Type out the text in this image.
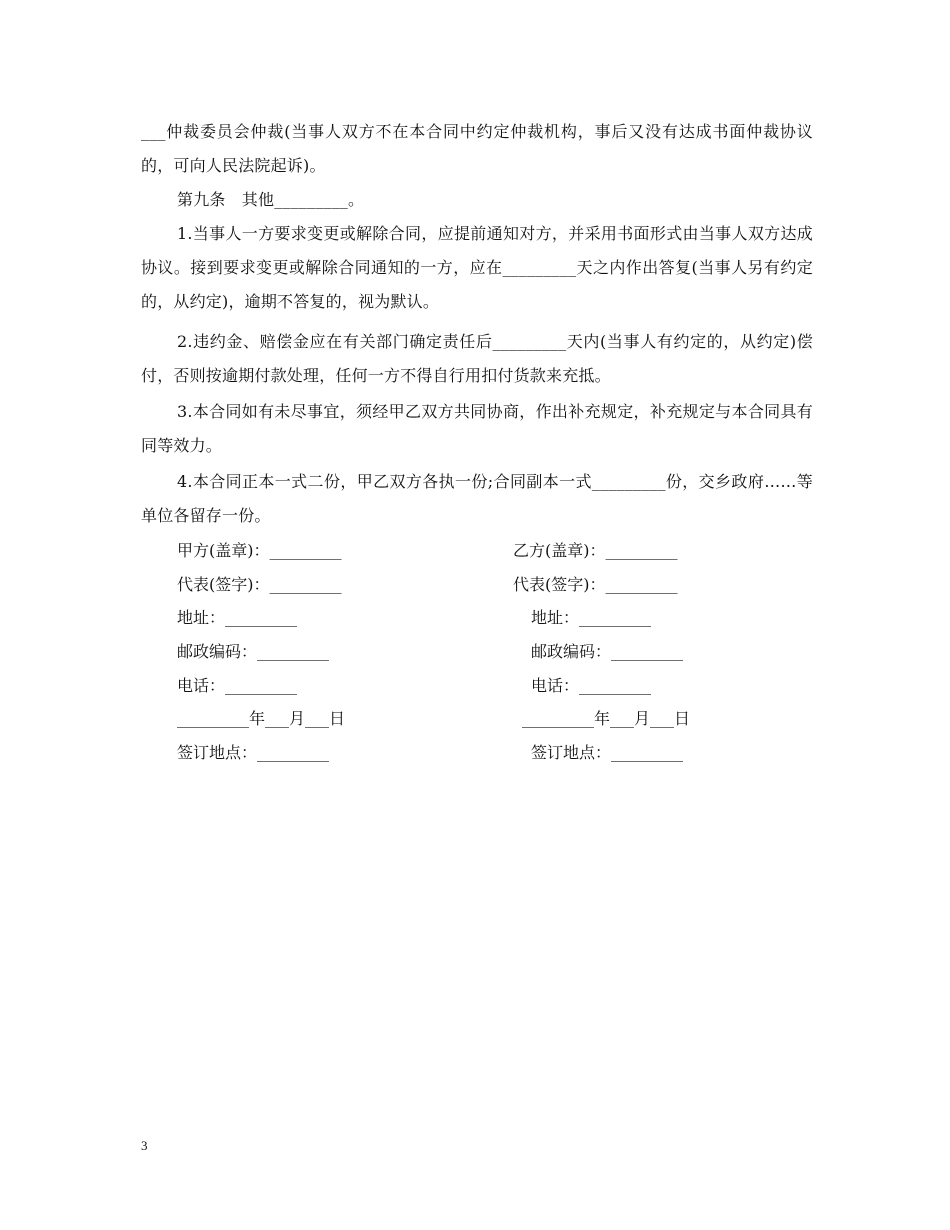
___仲裁委员会仲裁(当事人双方不在本合同中约定仲裁机构，事后又没有达成书面仲裁协议的，可向人民法院起诉)。
第九条　其他_________。
1.当事人一方要求变更或解除合同，应提前通知对方，并采用书面形式由当事人双方达成协议。接到要求变更或解除合同通知的一方，应在_________天之内作出答复(当事人另有约定的，从约定)，逾期不答复的，视为默认。
2.违约金、赔偿金应在有关部门确定责任后_________天内(当事人有约定的，从约定)偿付，否则按逾期付款处理，任何一方不得自行用扣付货款来充抵。
3.本合同如有未尽事宜，须经甲乙双方共同协商，作出补充规定，补充规定与本合同具有同等效力。
4.本合同正本一式二份，甲乙双方各执一份;合同副本一式_________份，交乡政府……等单位各留存一份。
甲方(盖章)：_________
代表(签字)：_________
地址：_________
邮政编码：_________
电话：_________
_________年___月___日
签订地点：_________
乙方(盖章)：_________
代表(签字)：_________
地址：_________
邮政编码：_________
电话：_________
_________年___月___日
签订地点：_________
3
